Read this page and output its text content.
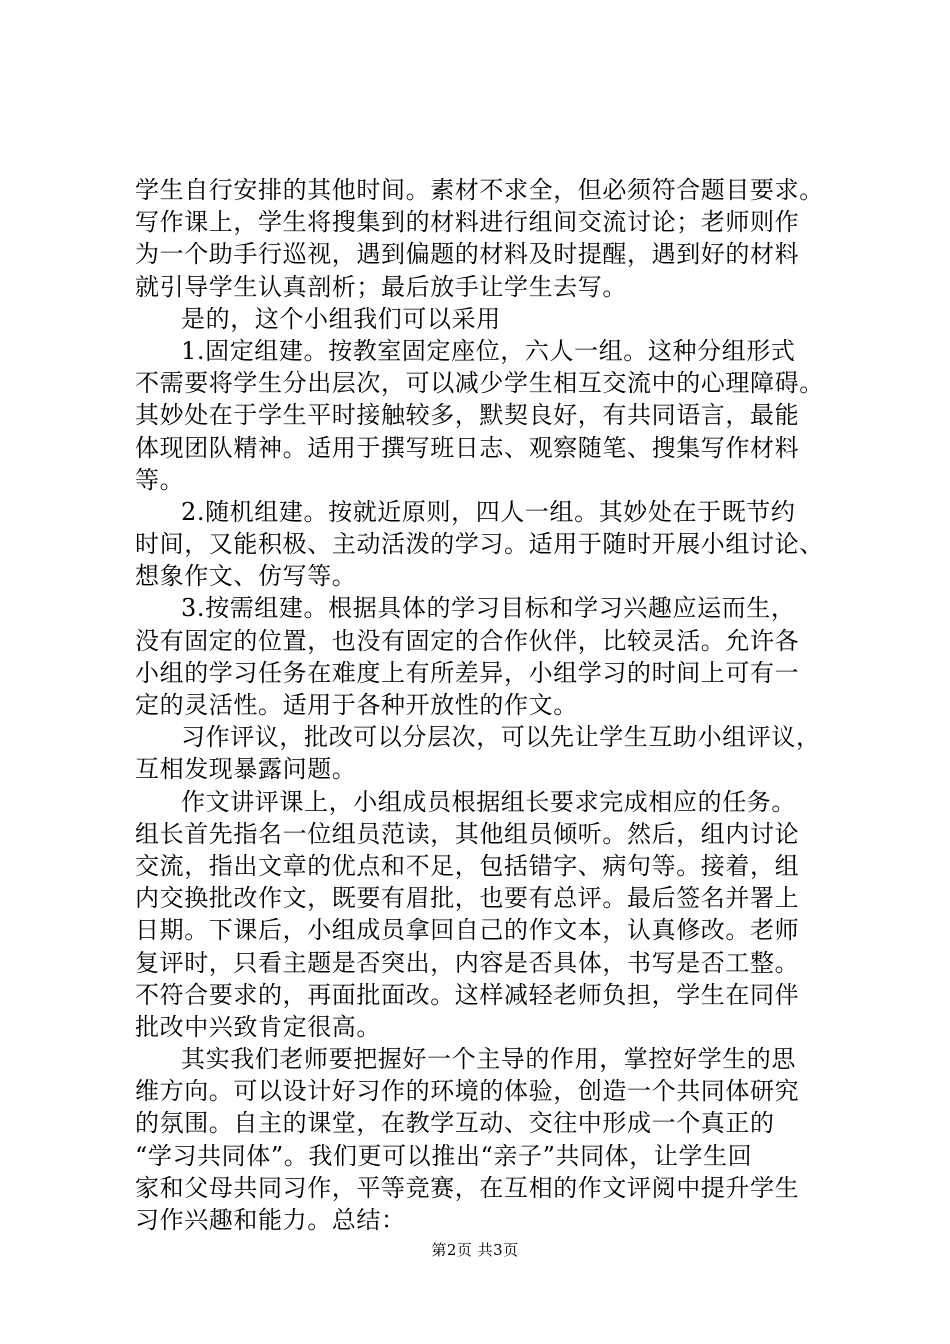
学生自行安排的其他时间。素材不求全，但必须符合题目要求。
写作课上，学生将搜集到的材料进行组间交流讨论；老师则作
为一个助手行巡视，遇到偏题的材料及时提醒，遇到好的材料
就引导学生认真剖析；最后放手让学生去写。
是的，这个小组我们可以采用
1.固定组建。按教室固定座位，六人一组。这种分组形式
不需要将学生分出层次，可以减少学生相互交流中的心理障碍。
其妙处在于学生平时接触较多，默契良好，有共同语言，最能
体现团队精神。适用于撰写班日志、观察随笔、搜集写作材料
等。
2.随机组建。按就近原则，四人一组。其妙处在于既节约
时间，又能积极、主动活泼的学习。适用于随时开展小组讨论、
想象作文、仿写等。
3.按需组建。根据具体的学习目标和学习兴趣应运而生，
没有固定的位置，也没有固定的合作伙伴，比较灵活。允许各
小组的学习任务在难度上有所差异，小组学习的时间上可有一
定的灵活性。适用于各种开放性的作文。
习作评议，批改可以分层次，可以先让学生互助小组评议，
互相发现暴露问题。
作文讲评课上，小组成员根据组长要求完成相应的任务。
组长首先指名一位组员范读，其他组员倾听。然后，组内讨论
交流，指出文章的优点和不足，包括错字、病句等。接着，组
内交换批改作文，既要有眉批，也要有总评。最后签名并署上
日期。下课后，小组成员拿回自己的作文本，认真修改。老师
复评时，只看主题是否突出，内容是否具体，书写是否工整。
不符合要求的，再面批面改。这样减轻老师负担，学生在同伴
批改中兴致肯定很高。
其实我们老师要把握好一个主导的作用，掌控好学生的思
维方向。可以设计好习作的环境的体验，创造一个共同体研究
的氛围。自主的课堂，在教学互动、交往中形成一个真正的
“学习共同体”。我们更可以推出“亲子”共同体，让学生回
家和父母共同习作，平等竞赛，在互相的作文评阅中提升学生
习作兴趣和能力。总结：
第2页 共3页
